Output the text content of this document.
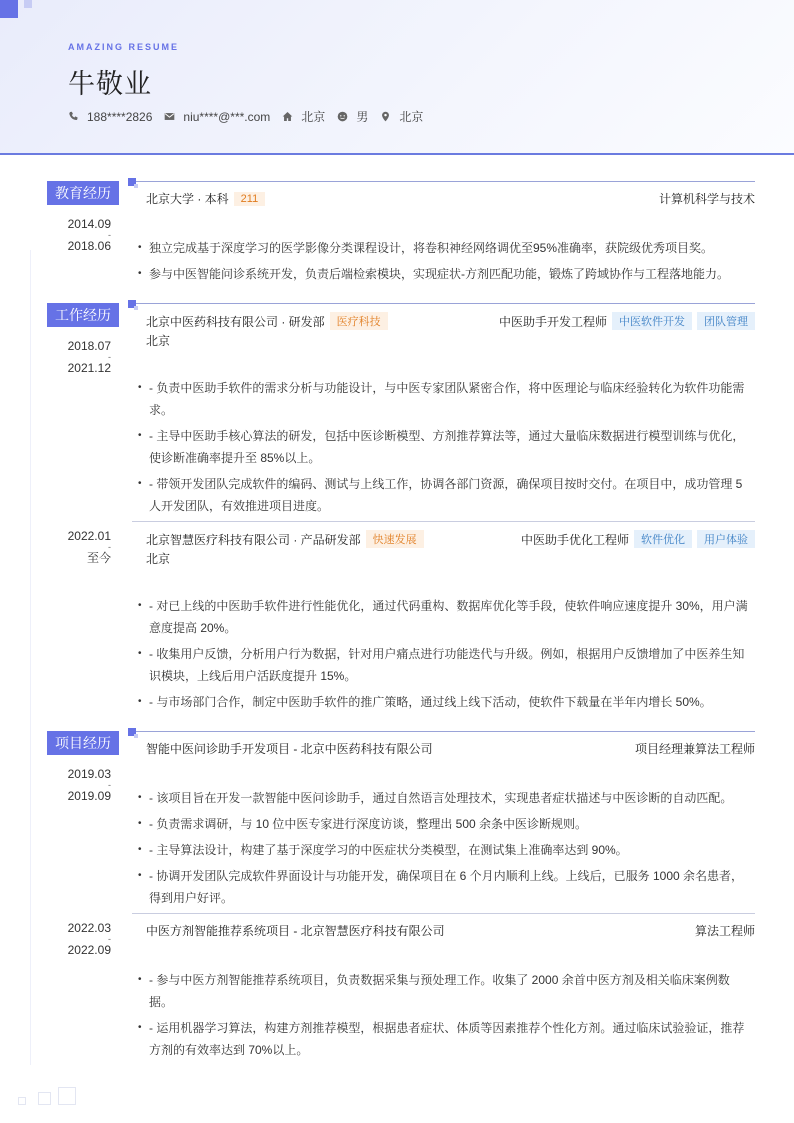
AMAZING RESUME
牛敬业
188****2826	niu****@***.com	北京	男	北京
教育经历
2014.09
-
2018.06
北京大学 · 本科	211	计算机科学与技术
• 独立完成基于深度学习的医学影像分类课程设计，将卷积神经网络调优至95%准确率，获院级优秀项目奖。
• 参与中医智能问诊系统开发，负责后端检索模块，实现症状-方剂匹配功能，锻炼了跨域协作与工程落地能力。
工作经历
2018.07
-
2021.12
北京中医药科技有限公司 · 研发部	医疗科技	中医助手开发工程师	中医软件开发	团队管理
北京
• - 负责中医助手软件的需求分析与功能设计，与中医专家团队紧密合作，将中医理论与临床经验转化为软件功能需求。
• - 主导中医助手核心算法的研发，包括中医诊断模型、方剂推荐算法等，通过大量临床数据进行模型训练与优化，使诊断准确率提升至 85%以上。
• - 带领开发团队完成软件的编码、测试与上线工作，协调各部门资源，确保项目按时交付。在项目中，成功管理 5 人开发团队，有效推进项目进度。
2022.01
-
至今
北京智慧医疗科技有限公司 · 产品研发部	快速发展	中医助手优化工程师	软件优化	用户体验
北京
• - 对已上线的中医助手软件进行性能优化，通过代码重构、数据库优化等手段，使软件响应速度提升 30%，用户满意度提高 20%。
• - 收集用户反馈，分析用户行为数据，针对用户痛点进行功能迭代与升级。例如，根据用户反馈增加了中医养生知识模块，上线后用户活跃度提升 15%。
• - 与市场部门合作，制定中医助手软件的推广策略，通过线上线下活动，使软件下载量在半年内增长 50%。
项目经历
2019.03
-
2019.09
智能中医问诊助手开发项目 - 北京中医药科技有限公司	项目经理兼算法工程师
• - 该项目旨在开发一款智能中医问诊助手，通过自然语言处理技术，实现患者症状描述与中医诊断的自动匹配。
• - 负责需求调研，与 10 位中医专家进行深度访谈，整理出 500 余条中医诊断规则。
• - 主导算法设计，构建了基于深度学习的中医症状分类模型，在测试集上准确率达到 90%。
• - 协调开发团队完成软件界面设计与功能开发，确保项目在 6 个月内顺利上线。上线后，已服务 1000 余名患者，得到用户好评。
2022.03
-
2022.09
中医方剂智能推荐系统项目 - 北京智慧医疗科技有限公司	算法工程师
• - 参与中医方剂智能推荐系统项目，负责数据采集与预处理工作。收集了 2000 余首中医方剂及相关临床案例数据。
• - 运用机器学习算法，构建方剂推荐模型，根据患者症状、体质等因素推荐个性化方剂。通过临床试验验证，推荐方剂的有效率达到 70%以上。
